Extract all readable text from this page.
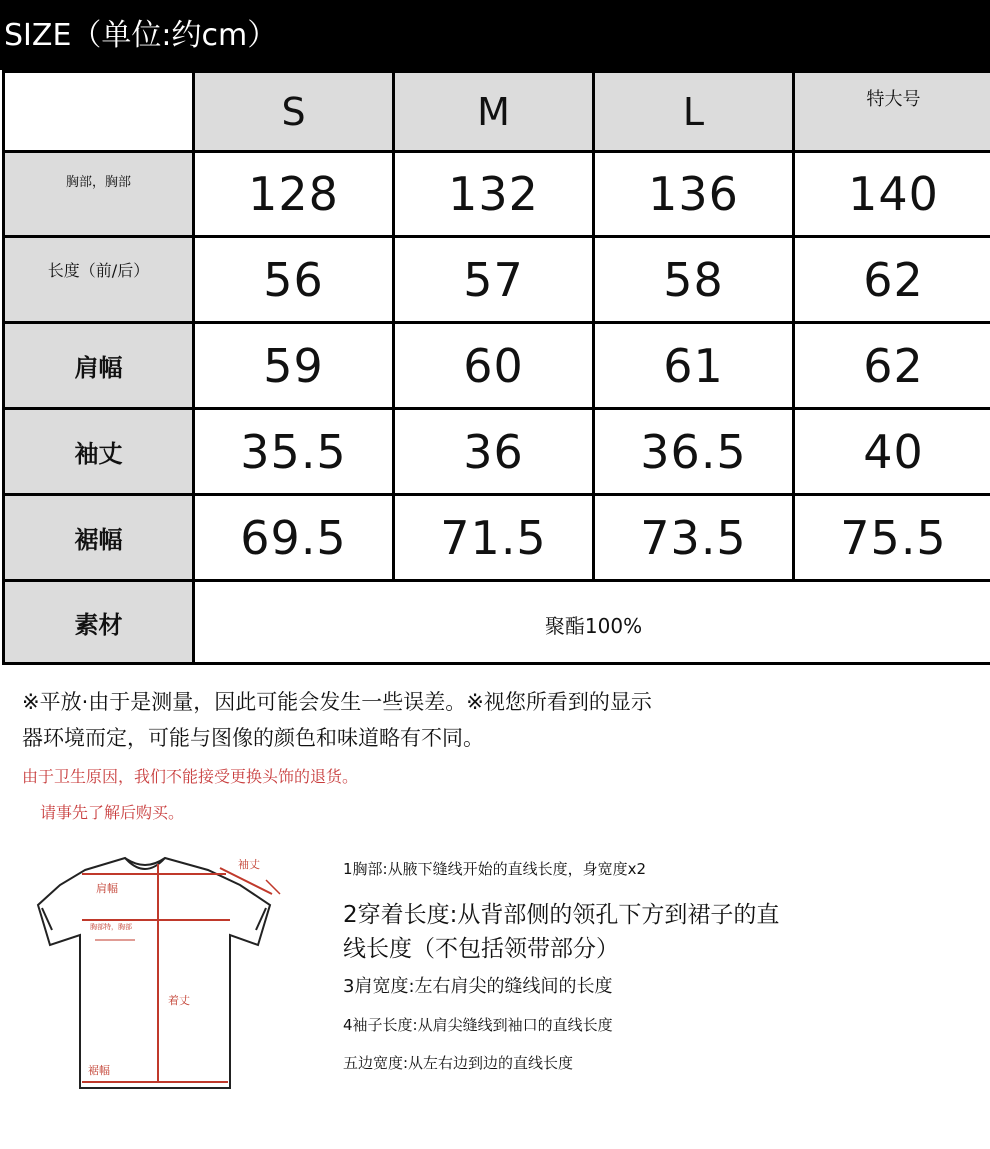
SIZE（单位:约cm）
	S	M	L	特大号
胸部，胸部	128	132	136	140
长度（前/后）	56	57	58	62
肩幅	59	60	61	62
袖丈	35.5	36	36.5	40
裾幅	69.5	71.5	73.5	75.5
素材	聚酯100%			
※平放·由于是测量，因此可能会发生一些误差。※视您所看到的显示
器环境而定，可能与图像的颜色和味道略有不同。
由于卫生原因，我们不能接受更换头饰的退货。
请事先了解后购买。
袖丈
肩幅
胸部特，胸部
着丈
裾幅
1胸部:从腋下缝线开始的直线长度，身宽度x2
2穿着长度:从背部侧的领孔下方到裙子的直
线长度（不包括领带部分）
3肩宽度:左右肩尖的缝线间的长度
4袖子长度:从肩尖缝线到袖口的直线长度
五边宽度:从左右边到边的直线长度
